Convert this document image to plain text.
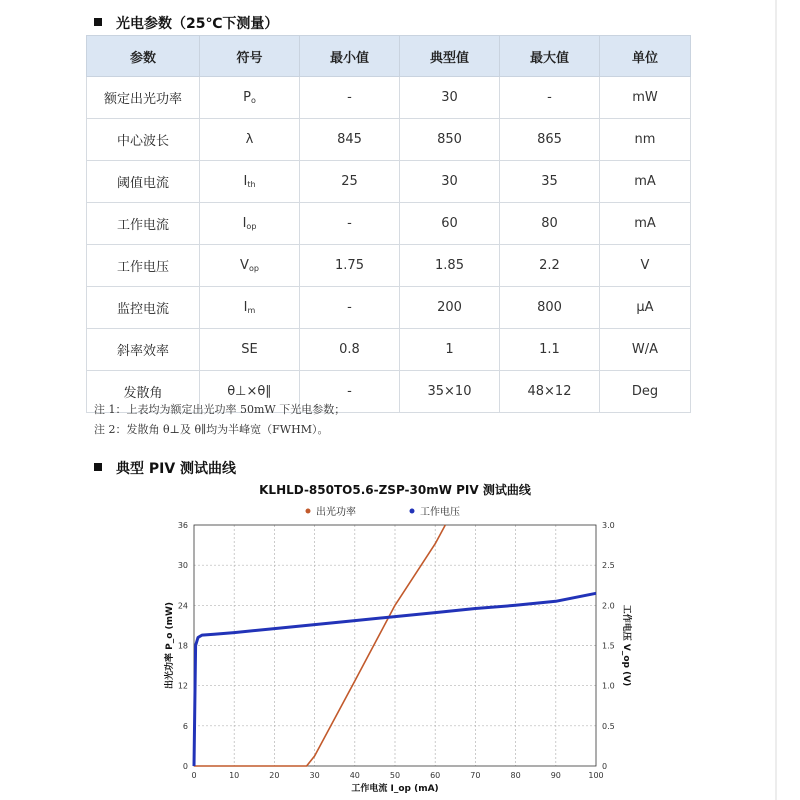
光电参数（25℃下测量）
参数	符号	最小值	典型值	最大值	单位
额定出光功率	$P_o$	-	30	-	mW
中心波长	λ	845	850	865	nm
阈值电流	$I_{th}$	25	30	35	mA
工作电流	$I_{op}$	-	60	80	mA
工作电压	$V_{op}$	1.75	1.85	2.2	V
监控电流	$I_m$	-	200	800	μA
斜率效率	SE	0.8	1	1.1	W/A
发散角	θ⊥×θ∥	-	35×10	48×12	Deg
注 1：上表均为额定出光功率 50mW 下光电参数；
注 2：发散角 θ⊥及 θ∥均为半峰宽（FWHM）。
典型 PIV 测试曲线
KLHLD-850TO5.6-ZSP-30mW PIV 测试曲线
出光功率	工作电压
0	10	20	30	40	50	60	70	80	90	100
0
6
12
18
24
30
36
0
0.5
1.0
1.5
2.0
2.5
3.0
工作电流 I_op (mA)
出光功率 P_o (mW)	工作电压 V_op (V)
